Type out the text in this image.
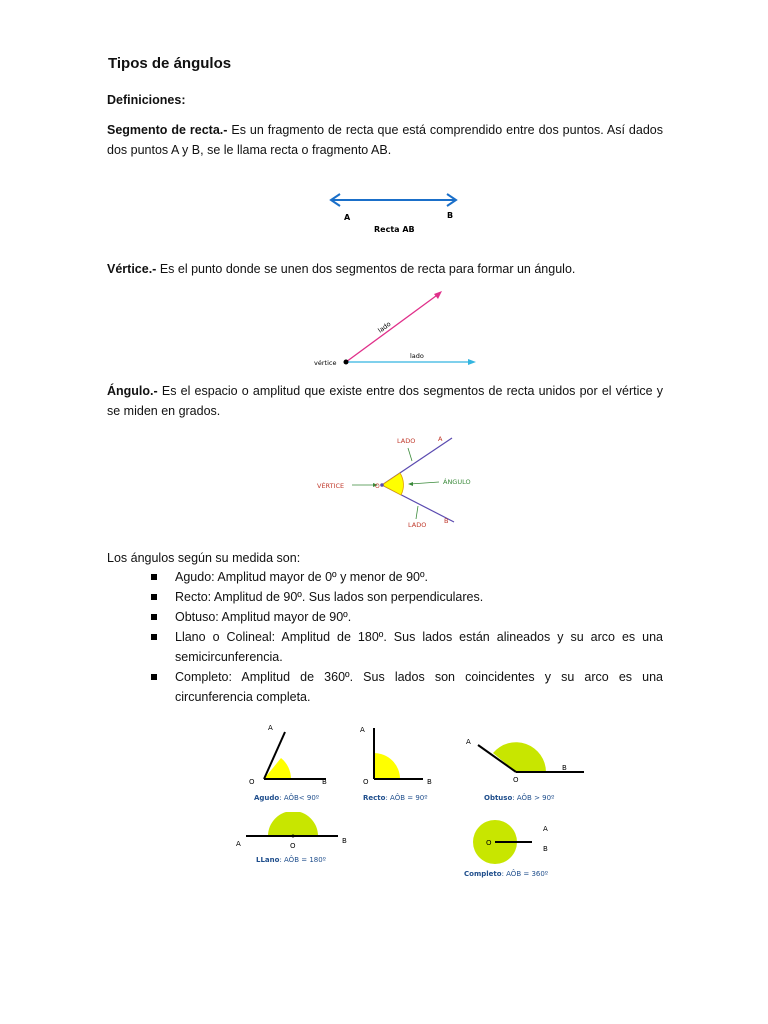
Tipos de ángulos
Definiciones:
Segmento de recta.- Es un fragmento de recta que está comprendido entre dos puntos. Así dados dos puntos A y B, se le llama recta o fragmento AB.
A	B
Recta AB
Vértice.- Es el punto donde se unen dos segmentos de recta para formar un ángulo.
vértice
lado
lado
Ángulo.- Es el espacio o amplitud que existe entre dos segmentos de recta unidos por el vértice y se miden en grados.
LADO	A
VÉRTICE	O
ÁNGULO
LADO	B
Los ángulos según su medida son:
Agudo: Amplitud mayor de 0º y menor de 90º.
Recto: Amplitud de 90º. Sus lados son perpendiculares.
Obtuso: Amplitud mayor de 90º.
Llano o Colineal: Amplitud de 180º. Sus lados están alineados y su arco es una semicircunferencia.
Completo: Amplitud de 360º. Sus lados son coincidentes y su arco es una circunferencia completa.
A
O	B
Agudo: AÔB< 90º
A
O	B
Recto: AÔB = 90º
A
O
B
Obtuso: AÔB > 90º
A	O
B
LLano: AÔB = 180º
O
A
B
Completo: AÔB = 360º
